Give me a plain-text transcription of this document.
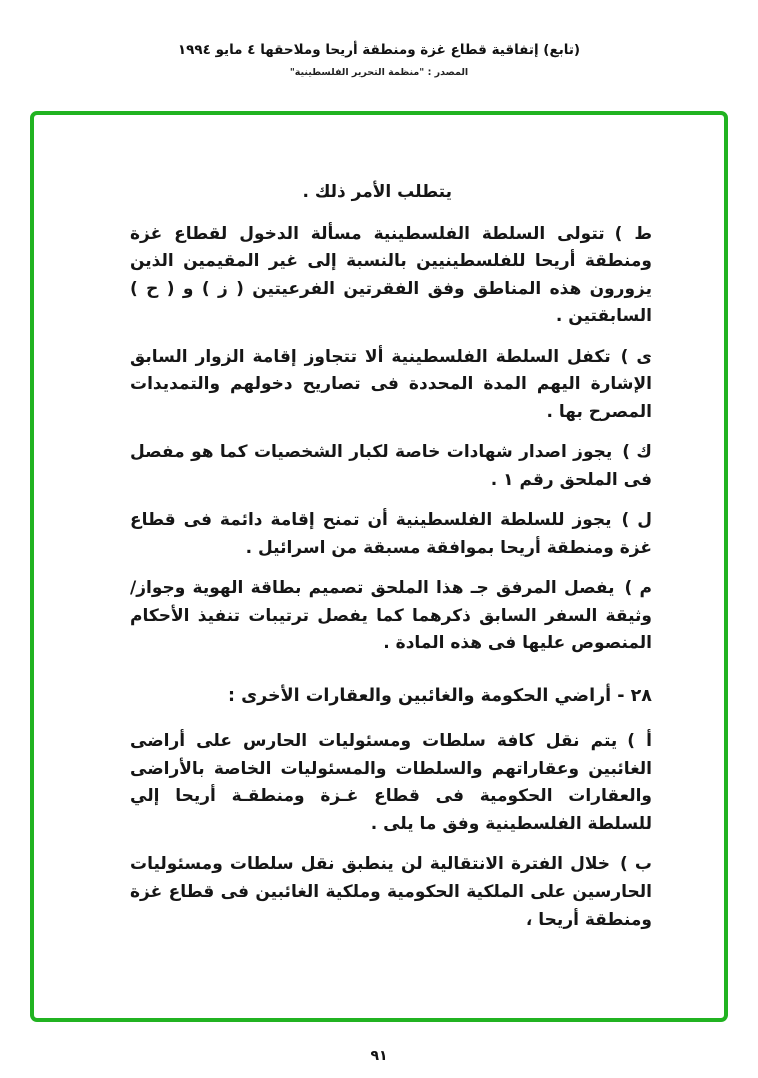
(تابع) إتفاقية قطاع غزة ومنطقة أريحا وملاحقها ٤ مايو ١٩٩٤
المصدر : "منظمة التحرير الفلسطينية"

يتطلب الأمر ذلك .

ط )تتولى السلطة الفلسطينية مسألة الدخول لقطاع غزة ومنطقة أريحا للفلسطينيين بالنسبة إلى غير المقيمين الذين يزورون هذه المناطق وفق الفقرتين الفرعيتين ( ز ) و ( ح ) السابقتين .

ى )تكفل السلطة الفلسطينية ألا تتجاوز إقامة الزوار السابق الإشارة اليهم المدة المحددة فى تصاريح دخولهم والتمديدات المصرح بها .

ك )يجوز اصدار شهادات خاصة لكبار الشخصيات كما هو مفصل فى الملحق رقم ١ .

ل )يجوز للسلطة الفلسطينية أن تمنح إقامة دائمة فى قطاع غزة ومنطقة أريحا بموافقة مسبقة من اسرائيل .

م )يفصل المرفق جـ هذا الملحق تصميم بطاقة الهوية وجواز/ وثيقة السفر السابق ذكرهما كما يفصل ترتيبات تنفيذ الأحكام المنصوص عليها فى هذه المادة .

٢٨ - أراضي الحكومة والغائبين والعقارات الأخرى :

أ )يتم نقل كافة سلطات ومسئوليات الحارس على أراضى الغائبين وعقاراتهم والسلطات والمسئوليات الخاصة بالأراضى والعقارات الحكومية فى قطاع غـزة ومنطقـة أريحا إلي للسلطة الفلسطينية وفق ما يلى .

ب )خلال الفترة الانتقالية لن ينطبق نقل سلطات ومسئوليات الحارسين على الملكية الحكومية وملكية الغائبين فى قطاع غزة ومنطقة أريحا ،

٩١
